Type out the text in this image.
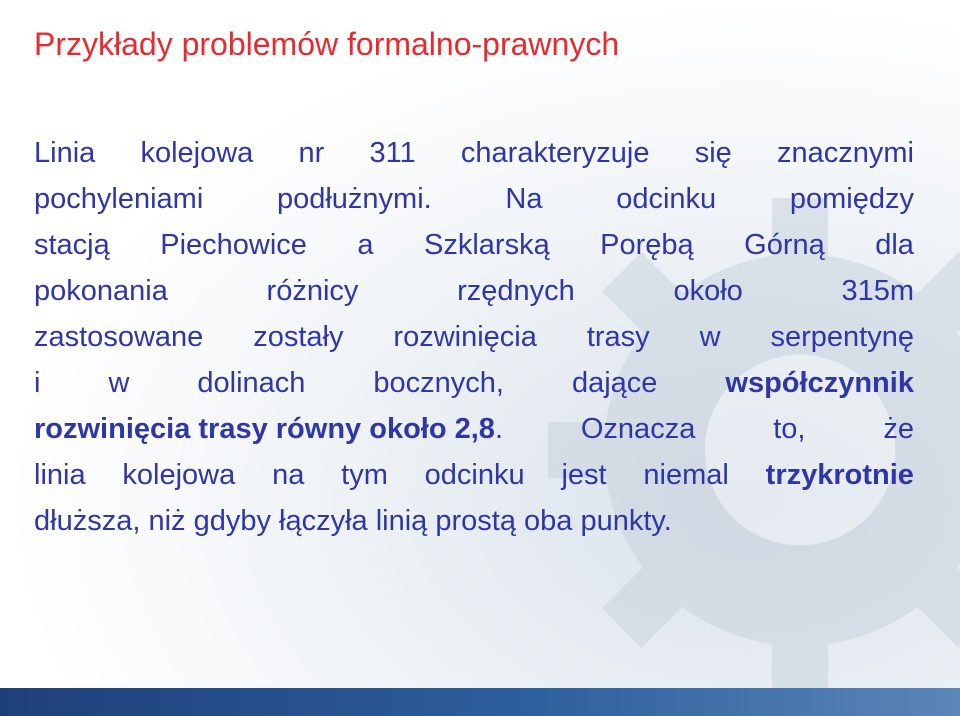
Przykłady problemów formalno-prawnych
Linia kolejowa nr 311 charakteryzuje się znacznymi
pochyleniami	podłużnymi.	Na	odcinku	pomiędzy
stacją Piechowice a Szklarską Porębą Górną dla
pokonania	różnicy	rzędnych	około	315m
zastosowane zostały rozwinięcia trasy w serpentynę
i w dolinach bocznych, dające współczynnik
rozwinięcia trasy równy około 2,8.	Oznacza	to,	że
linia kolejowa na tym odcinku jest niemal trzykrotnie
dłuższa, niż gdyby łączyła linią prostą oba punkty.
